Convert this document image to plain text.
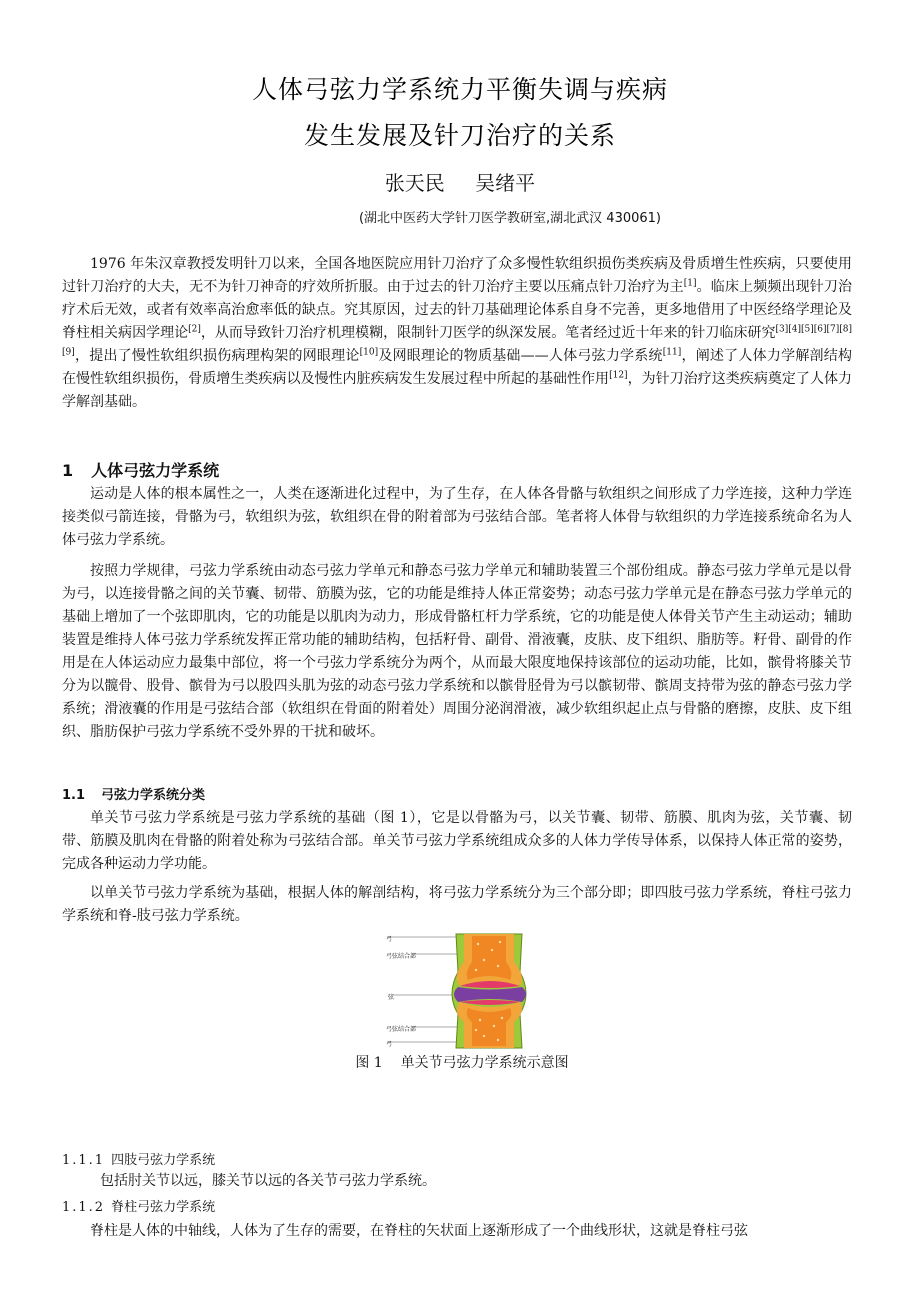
人体弓弦力学系统力平衡失调与疾病
发生发展及针刀治疗的关系
张天民 吴绪平
(湖北中医药大学针刀医学教研室,湖北武汉 430061)

1976 年朱汉章教授发明针刀以来，全国各地医院应用针刀治疗了众多慢性软组织损伤类疾病及骨质增生性疾病，只要使用过针刀治疗的大夫，无不为针刀神奇的疗效所折服。由于过去的针刀治疗主要以压痛点针刀治疗为主[1]。临床上频频出现针刀治疗术后无效，或者有效率高治愈率低的缺点。究其原因，过去的针刀基础理论体系自身不完善，更多地借用了中医经络学理论及脊柱相关病因学理论[2]，从而导致针刀治疗机理模糊，限制针刀医学的纵深发展。笔者经过近十年来的针刀临床研究[3][4][5][6][7][8][9]，提出了慢性软组织损伤病理构架的网眼理论[10]及网眼理论的物质基础——人体弓弦力学系统[11]，阐述了人体力学解剖结构在慢性软组织损伤，骨质增生类疾病以及慢性内脏疾病发生发展过程中所起的基础性作用[12]，为针刀治疗这类疾病奠定了人体力学解剖基础。

1 人体弓弦力学系统

运动是人体的根本属性之一，人类在逐渐进化过程中，为了生存，在人体各骨骼与软组织之间形成了力学连接，这种力学连接类似弓箭连接，骨骼为弓，软组织为弦，软组织在骨的附着部为弓弦结合部。笔者将人体骨与软组织的力学连接系统命名为人体弓弦力学系统。

按照力学规律，弓弦力学系统由动态弓弦力学单元和静态弓弦力学单元和辅助装置三个部份组成。静态弓弦力学单元是以骨为弓，以连接骨骼之间的关节囊、韧带、筋膜为弦，它的功能是维持人体正常姿势；动态弓弦力学单元是在静态弓弦力学单元的基础上增加了一个弦即肌肉，它的功能是以肌肉为动力，形成骨骼杠杆力学系统，它的功能是使人体骨关节产生主动运动；辅助装置是维持人体弓弦力学系统发挥正常功能的辅助结构，包括籽骨、副骨、滑液囊，皮肤、皮下组织、脂肪等。籽骨、副骨的作用是在人体运动应力最集中部位，将一个弓弦力学系统分为两个，从而最大限度地保持该部位的运动功能，比如，髌骨将膝关节分为以髋骨、股骨、髌骨为弓以股四头肌为弦的动态弓弦力学系统和以髌骨胫骨为弓以髌韧带、髌周支持带为弦的静态弓弦力学系统；滑液囊的作用是弓弦结合部（软组织在骨面的附着处）周围分泌润滑液，减少软组织起止点与骨骼的磨擦，皮肤、皮下组织、脂肪保护弓弦力学系统不受外界的干扰和破坏。

1.1 弓弦力学系统分类

单关节弓弦力学系统是弓弦力学系统的基础（图 1），它是以骨骼为弓，以关节囊、韧带、筋膜、肌肉为弦，关节囊、韧带、筋膜及肌肉在骨骼的附着处称为弓弦结合部。单关节弓弦力学系统组成众多的人体力学传导体系，以保持人体正常的姿势，完成各种运动力学功能。

以单关节弓弦力学系统为基础，根据人体的解剖结构，将弓弦力学系统分为三个部分即；即四肢弓弦力学系统，脊柱弓弦力学系统和脊-肢弓弦力学系统。

弓
弓弦结合部
弦
弓弦结合部
弓
图 1 单关节弓弦力学系统示意图
1.1.1 四肢弓弦力学系统

包括肘关节以远，膝关节以远的各关节弓弦力学系统。

1.1.2 脊柱弓弦力学系统

脊柱是人体的中轴线，人体为了生存的需要，在脊柱的矢状面上逐渐形成了一个曲线形状，这就是脊柱弓弦
